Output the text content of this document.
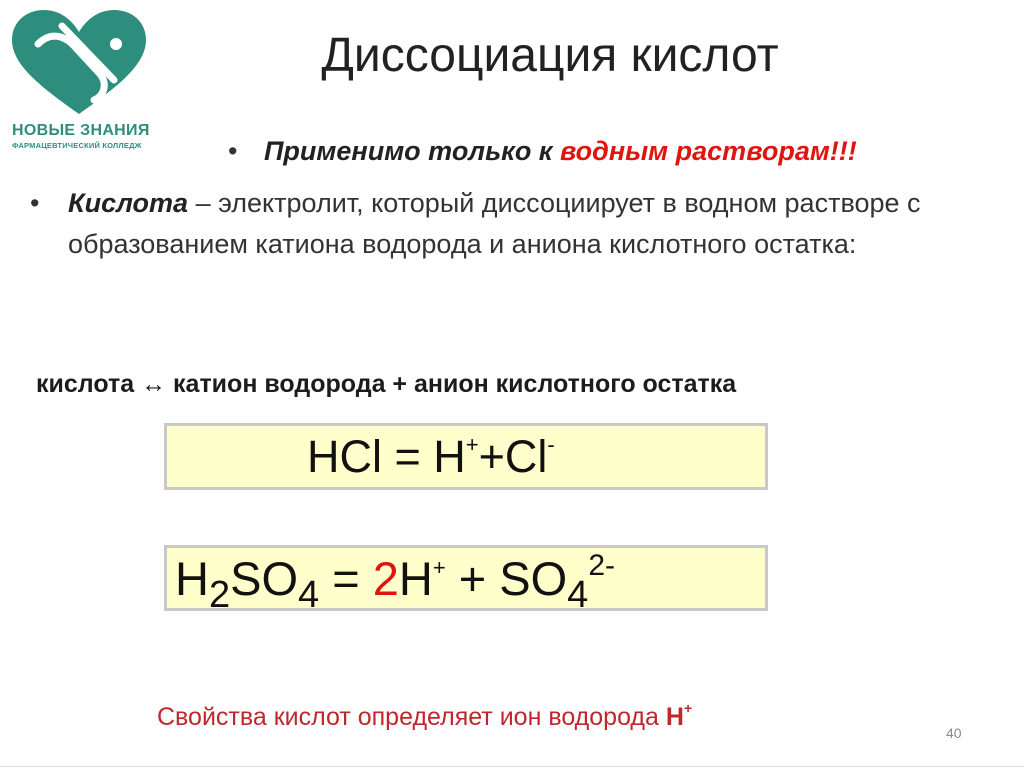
НОВЫЕ ЗНАНИЯ
ФАРМАЦЕВТИЧЕСКИЙ КОЛЛЕДЖ
Диссоциация кислот
• Применимо только к водным растворам!!!
• Кислота – электролит, который диссоциирует в водном растворе с образованием катиона водорода и аниона кислотного остатка:
кислота ↔ катион водорода + анион кислотного остатка
HCl = H++Cl-
$H_2SO_4 = 2H^+ + SO_4^{2-}$
Свойства кислот определяет ион водорода Н+
40
